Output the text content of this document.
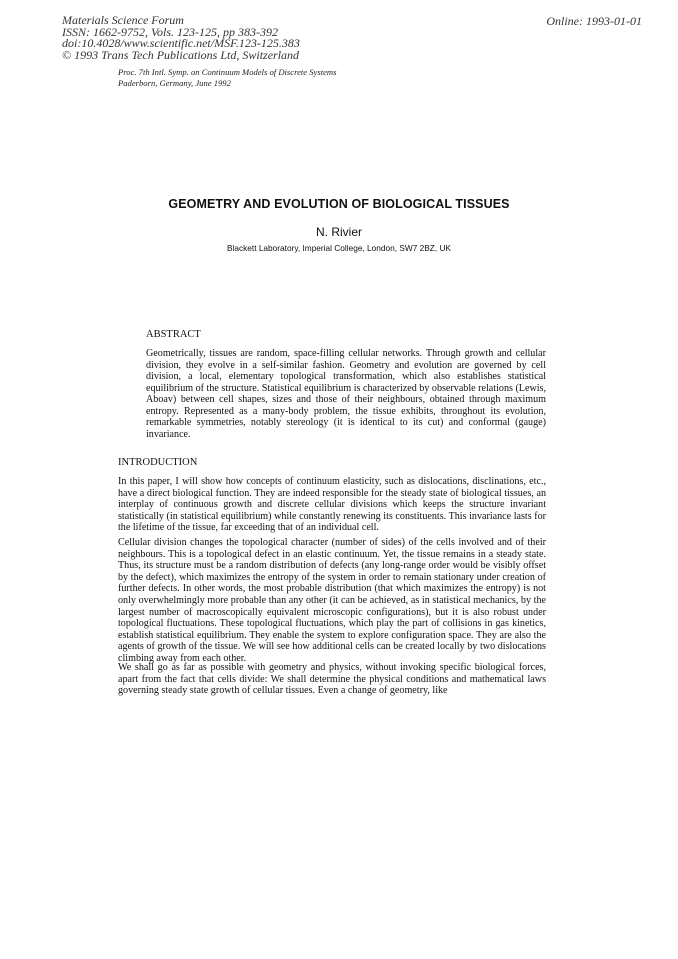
Materials Science Forum
ISSN: 1662-9752, Vols. 123-125, pp 383-392
doi:10.4028/www.scientific.net/MSF.123-125.383
© 1993 Trans Tech Publications Ltd, Switzerland
Online: 1993-01-01
Proc. 7th Intl. Symp. on Continuum Models of Discrete Systems
Paderborn, Germany, June 1992
GEOMETRY AND EVOLUTION OF BIOLOGICAL TISSUES
N. Rivier
Blackett Laboratory, Imperial College, London, SW7 2BZ, UK
ABSTRACT
Geometrically, tissues are random, space-filling cellular networks. Through growth and cellular division, they evolve in a self-similar fashion. Geometry and evolution are governed by cell division, a local, elementary topological transformation, which also establishes statistical equilibrium of the structure. Statistical equilibrium is characterized by observable relations (Lewis, Aboav) between cell shapes, sizes and those of their neighbours, obtained through maximum entropy. Represented as a many-body problem, the tissue exhibits, throughout its evolution, remarkable symmetries, notably stereology (it is identical to its cut) and conformal (gauge) invariance.
INTRODUCTION

In this paper, I will show how concepts of continuum elasticity, such as dislocations, disclinations, etc., have a direct biological function. They are indeed responsible for the steady state of biological tissues, an interplay of continuous growth and discrete cellular divisions which keeps the structure invariant statistically (in statistical equilibrium) while constantly renewing its constituents. This invariance lasts for the lifetime of the tissue, far exceeding that of an individual cell.

Cellular division changes the topological character (number of sides) of the cells involved and of their neighbours. This is a topological defect in an elastic continuum. Yet, the tissue remains in a steady state. Thus, its structure must be a random distribution of defects (any long-range order would be visibly offset by the defect), which maximizes the entropy of the system in order to remain stationary under creation of further defects. In other words, the most probable distribution (that which maximizes the entropy) is not only overwhelmingly more probable than any other (it can be achieved, as in statistical mechanics, by the largest number of macroscopically equivalent microscopic configurations), but it is also robust under topological fluctuations. These topological fluctuations, which play the part of collisions in gas kinetics, establish statistical equilibrium. They enable the system to explore configuration space. They are also the agents of growth of the tissue. We will see how additional cells can be created locally by two dislocations climbing away from each other.

We shall go as far as possible with geometry and physics, without invoking specific biological forces, apart from the fact that cells divide: We shall determine the physical conditions and mathematical laws governing steady state growth of cellular tissues. Even a change of geometry, like
